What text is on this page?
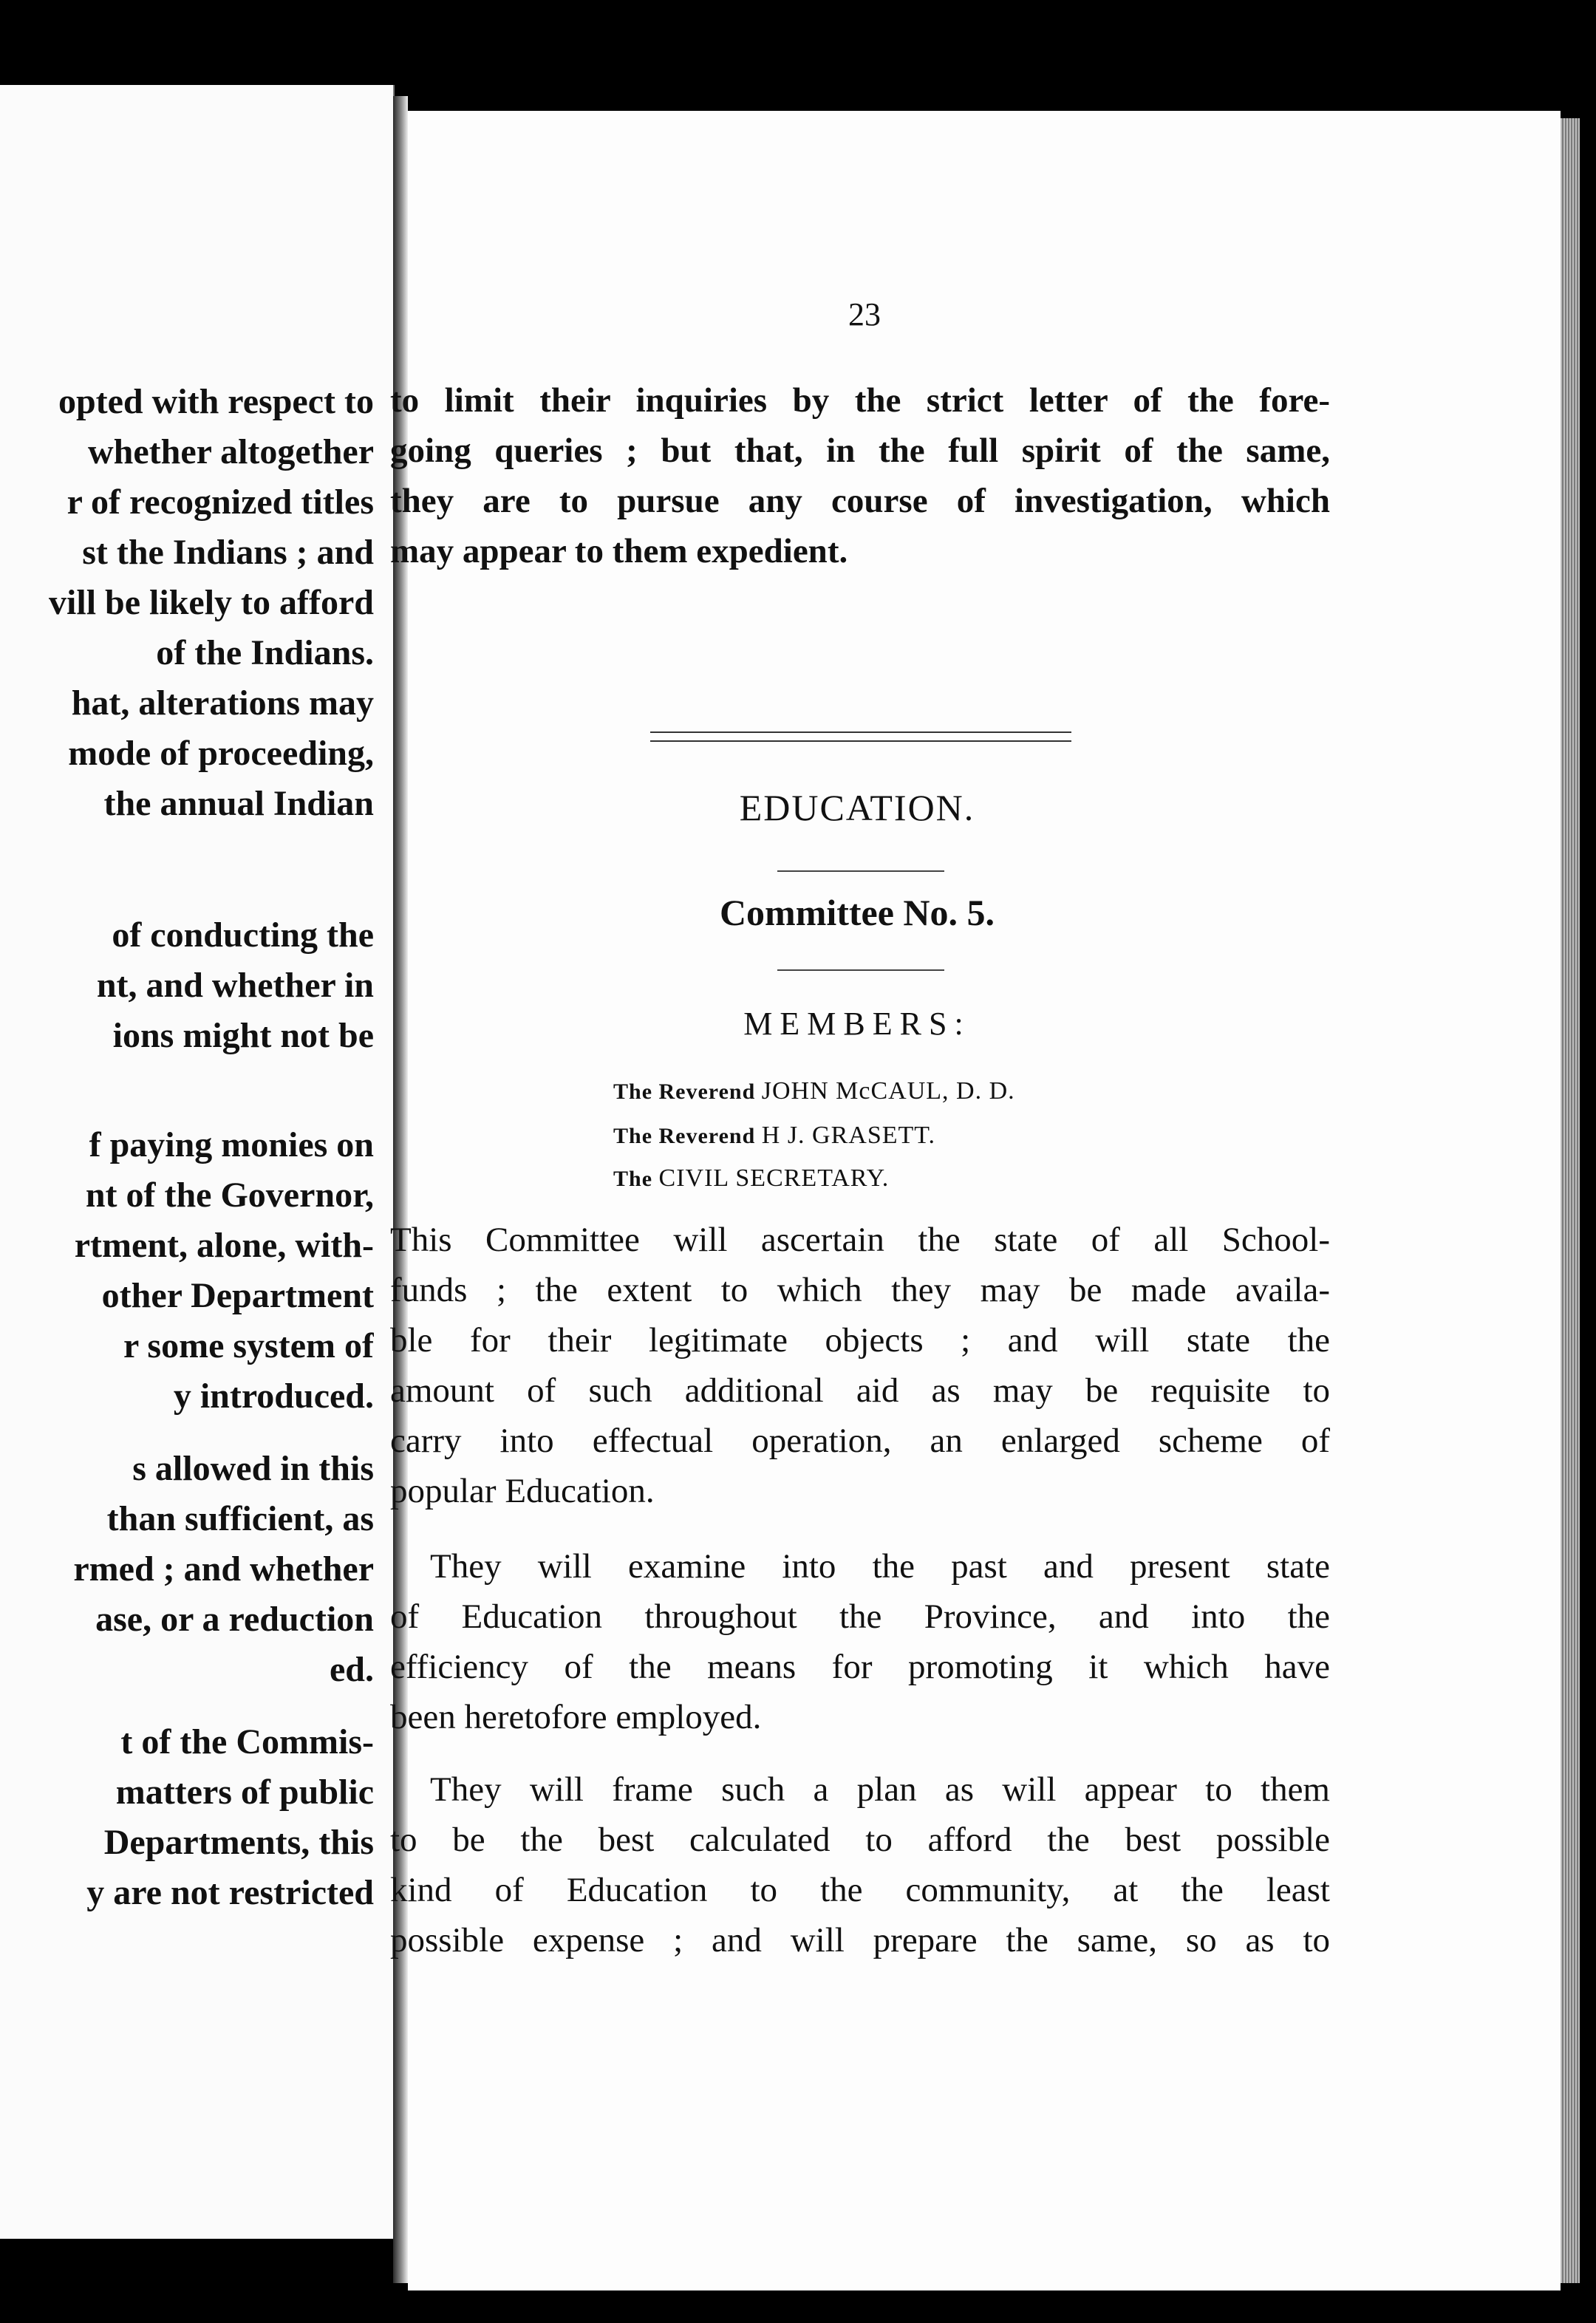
opted with respect to
whether altogether
r of recognized titles
st the Indians ; and
vill be likely to afford
of the Indians.
hat, alterations may
mode of proceeding,
the annual Indian
of conducting the
nt, and whether in
ions might not be
f paying monies on
nt of the Governor,
rtment, alone, with-
other Department
r some system of
y introduced.
s allowed in this
than sufficient, as
rmed ; and whether
ase, or a reduction
ed.
t of the Commis-
matters of public
Departments, this
y are not restricted
23
to limit their inquiries by the strict letter of the fore-
going queries ; but that, in the full spirit of the same,
they are to pursue any course of investigation, which
may appear to them expedient.
EDUCATION.
Committee No. 5.
MEMBERS:
The Reverend JOHN McCAUL, D. D.
The Reverend H J. GRASETT.
The CIVIL SECRETARY.
This Committee will ascertain the state of all School-
funds ; the extent to which they may be made availa-
ble for their legitimate objects ; and will state the
amount of such additional aid as may be requisite to
carry into effectual operation, an enlarged scheme of
popular Education.
They will examine into the past and present state
of Education throughout the Province, and into the
efficiency of the means for promoting it which have
been heretofore employed.
They will frame such a plan as will appear to them
to be the best calculated to afford the best possible
kind of Education to the community, at the least
possible expense ; and will prepare the same, so as to
